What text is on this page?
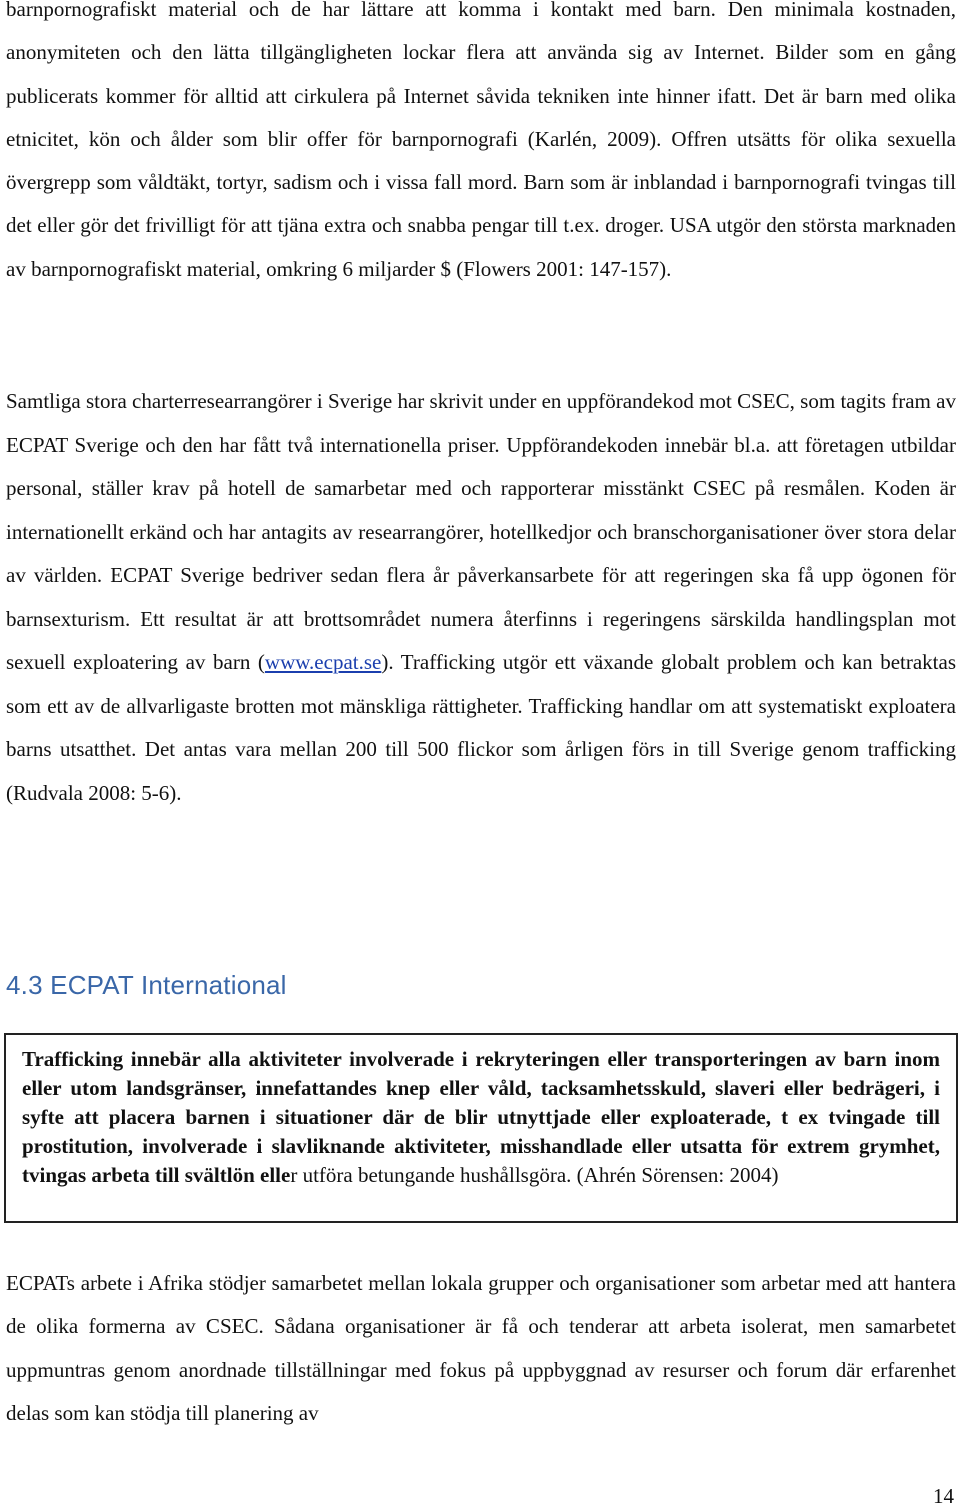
barnpornografiskt material och de har lättare att komma i kontakt med barn. Den minimala kostnaden, anonymiteten och den lätta tillgängligheten lockar flera att använda sig av Internet. Bilder som en gång publicerats kommer för alltid att cirkulera på Internet såvida tekniken inte hinner ifatt. Det är barn med olika etnicitet, kön och ålder som blir offer för barnpornografi (Karlén, 2009). Offren utsätts för olika sexuella övergrepp som våldtäkt, tortyr, sadism och i vissa fall mord. Barn som är inblandad i barnpornografi tvingas till det eller gör det frivilligt för att tjäna extra och snabba pengar till t.ex. droger. USA utgör den största marknaden av barnpornografiskt material, omkring 6 miljarder $ (Flowers 2001: 147-157).

Samtliga stora charterresearrangörer i Sverige har skrivit under en uppförandekod mot CSEC, som tagits fram av ECPAT Sverige och den har fått två internationella priser. Uppförandekoden innebär bl.a. att företagen utbildar personal, ställer krav på hotell de samarbetar med och rapporterar misstänkt CSEC på resmålen. Koden är internationellt erkänd och har antagits av researrangörer, hotellkedjor och branschorganisationer över stora delar av världen. ECPAT Sverige bedriver sedan flera år påverkansarbete för att regeringen ska få upp ögonen för barnsexturism. Ett resultat är att brottsområdet numera återfinns i regeringens särskilda handlingsplan mot sexuell exploatering av barn (www.ecpat.se). Trafficking utgör ett växande globalt problem och kan betraktas som ett av de allvarligaste brotten mot mänskliga rättigheter. Trafficking handlar om att systematiskt exploatera barns utsatthet. Det antas vara mellan 200 till 500 flickor som årligen förs in till Sverige genom trafficking (Rudvala 2008: 5-6).

4.3 ECPAT International

Trafficking innebär alla aktiviteter involverade i rekryteringen eller transporteringen av barn inom eller utom landsgränser, innefattandes knep eller våld, tacksamhetsskuld, slaveri eller bedrägeri, i syfte att placera barnen i situationer där de blir utnyttjade eller exploaterade, t ex tvingade till prostitution, involverade i slavliknande aktiviteter, misshandlade eller utsatta för extrem grymhet, tvingas arbeta till svältlön eller utföra betungande hushållsgöra. (Ahrén Sörensen: 2004)

ECPATs arbete i Afrika stödjer samarbetet mellan lokala grupper och organisationer som arbetar med att hantera de olika formerna av CSEC. Sådana organisationer är få och tenderar att arbeta isolerat, men samarbetet uppmuntras genom anordnade tillställningar med fokus på uppbyggnad av resurser och forum där erfarenhet delas som kan stödja till planering av

14
